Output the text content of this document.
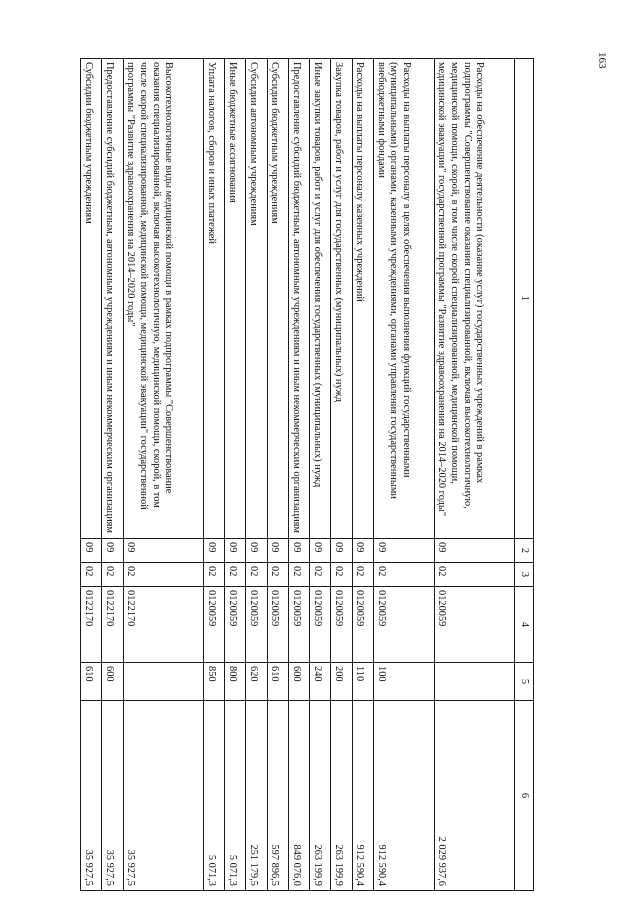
163
1	2	3	4	5	6
Расходы на обеспечение деятельности (оказание услуг) государственных учреждений в рамках подпрограммы "Совершенствование оказания специализированной, включая высокотехнологичную, медицинской помощи, скорой, в том числе скорой специализированной, медицинской помощи, медицинской эвакуации" государственной программы "Развитие здравоохранения на 2014–2020 годы"	09	02	0120059		2 029 937,6
Расходы на выплаты персоналу в целях обеспечения выполнения функций государственными (муниципальными) органами, казенными учреждениями, органами управления государственными внебюджетными фондами	09	02	0120059	100	912 590,4
Расходы на выплаты персоналу казенных учреждений	09	02	0120059	110	912 590,4
Закупка товаров, работ и услуг для государственных (муниципальных) нужд	09	02	0120059	200	263 199,9
Иные закупки товаров, работ и услуг для обеспечения государственных (муниципальных) нужд	09	02	0120059	240	263 199,9
Предоставление субсидий бюджетным, автономным учреждениям и иным некоммерческим организациям	09	02	0120059	600	849 076,0
Субсидии бюджетным учреждениям	09	02	0120059	610	597 896,5
Субсидии автономным учреждениям	09	02	0120059	620	251 179,5
Иные бюджетные ассигнования	09	02	0120059	800	5 071,3
Уплата налогов, сборов и иных платежей	09	02	0120059	850	5 071,3
Высокотехнологичные виды медицинской помощи в рамках подпрограммы "Совершенствование оказания специализированной, включая высокотехнологичную, медицинской помощи, скорой, в том числе скорой специализированной, медицинской помощи, медицинской эвакуации" государственной программы "Развитие здравоохранения на 2014–2020 годы"	09	02	0122170		35 927,5
Предоставление субсидий бюджетным, автономным учреждениям и иным некоммерческим организациям	09	02	0122170	600	35 927,5
Субсидии бюджетным учреждениям	09	02	0122170	610	35 927,5
